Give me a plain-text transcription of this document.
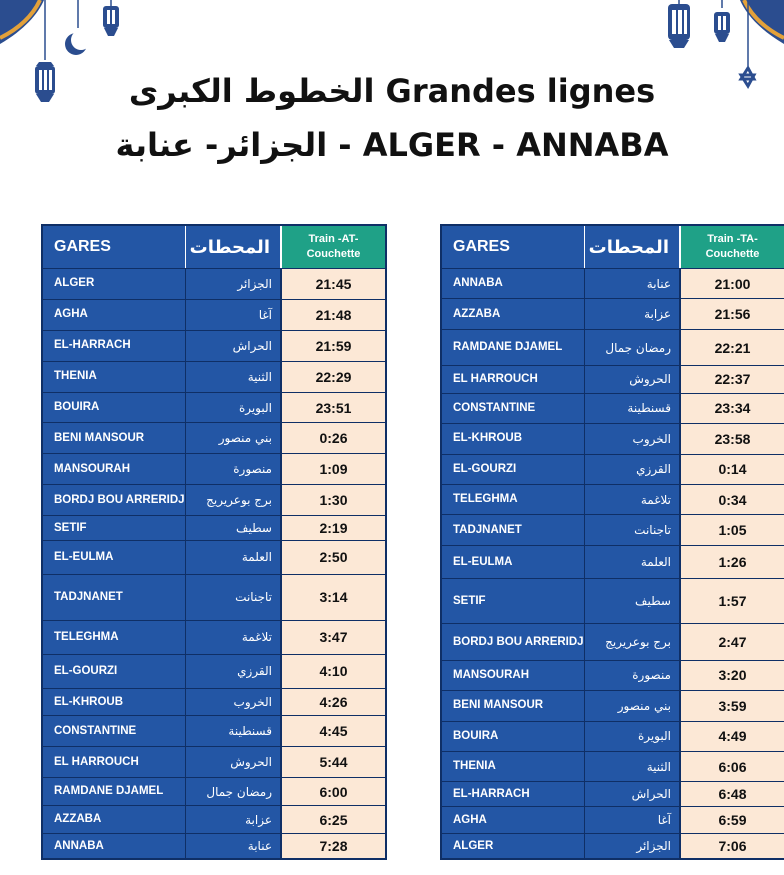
الخطوط الكبرى Grandes lignes
الجزائر- عنابة - ALGER - ANNABA
GARES	المحطات	Train -AT-
Couchette
ALGER	الجزائر	21:45
AGHA	آغا	21:48
EL-HARRACH	الحراش	21:59
THENIA	الثنية	22:29
BOUIRA	البويرة	23:51
BENI MANSOUR	بني منصور	0:26
MANSOURAH	منصورة	1:09
BORDJ BOU ARRERIDJ	برج بوعريريج	1:30
SETIF	سطيف	2:19
EL-EULMA	العلمة	2:50
TADJNANET	تاجنانت	3:14
TELEGHMA	تلاغمة	3:47
EL-GOURZI	القرزي	4:10
EL-KHROUB	الخروب	4:26
CONSTANTINE	قسنطينة	4:45
EL HARROUCH	الحروش	5:44
RAMDANE DJAMEL	رمضان جمال	6:00
AZZABA	عزابة	6:25
ANNABA	عنابة	7:28
GARES	المحطات	Train -TA-
Couchette
ANNABA	عنابة	21:00
AZZABA	عزابة	21:56
RAMDANE DJAMEL	رمضان جمال	22:21
EL HARROUCH	الحروش	22:37
CONSTANTINE	قسنطينة	23:34
EL-KHROUB	الخروب	23:58
EL-GOURZI	القرزي	0:14
TELEGHMA	تلاغمة	0:34
TADJNANET	تاجنانت	1:05
EL-EULMA	العلمة	1:26
SETIF	سطيف	1:57
BORDJ BOU ARRERIDJ	برج بوعريريج	2:47
MANSOURAH	منصورة	3:20
BENI MANSOUR	بني منصور	3:59
BOUIRA	البويرة	4:49
THENIA	الثنية	6:06
EL-HARRACH	الحراش	6:48
AGHA	آغا	6:59
ALGER	الجزائر	7:06
